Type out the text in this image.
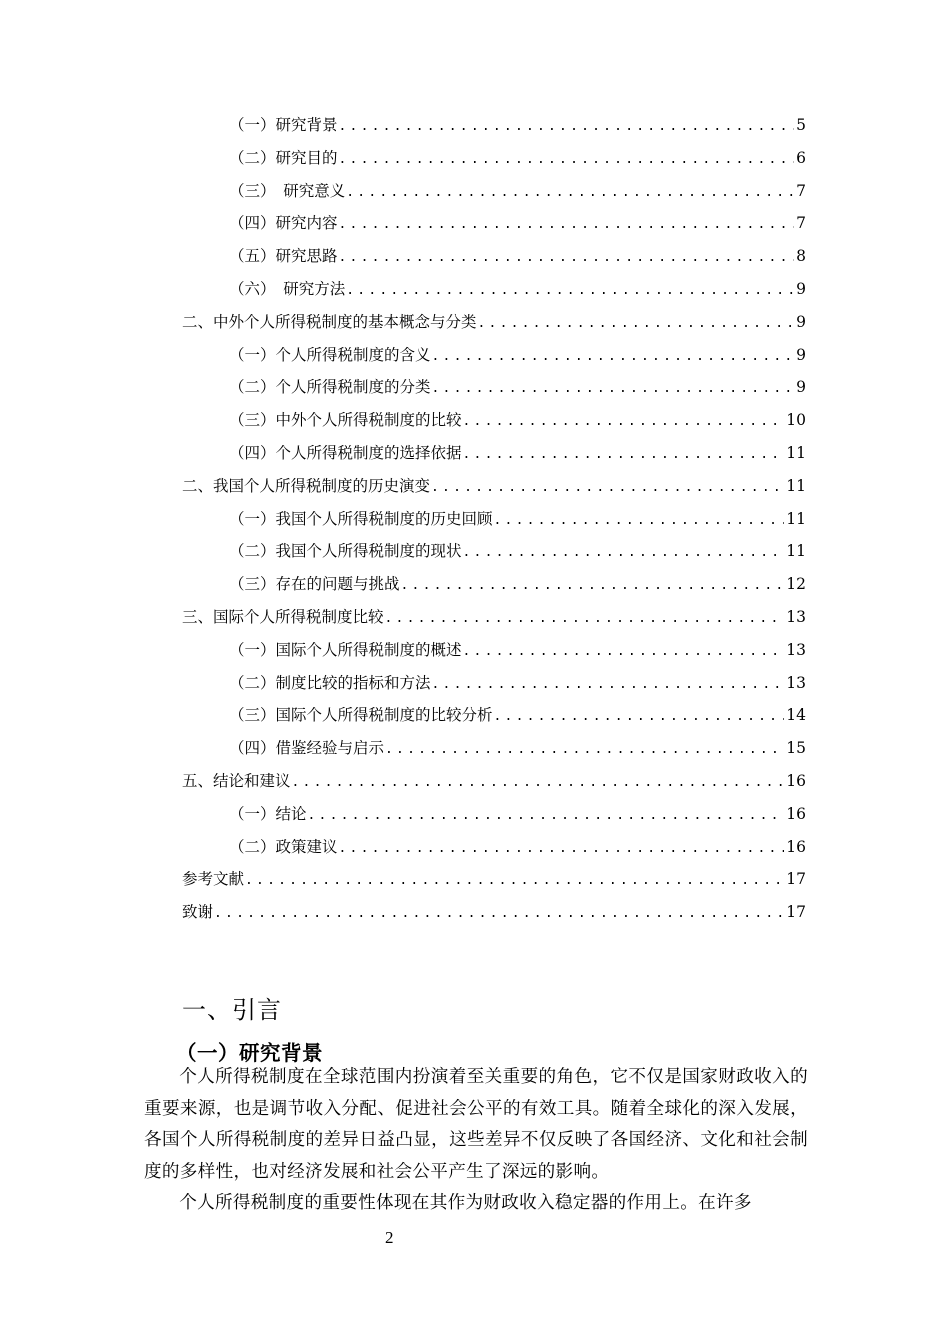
（一）研究背景 .....	5
（二）研究目的 .....	6
（三）　研究意义 .....	7
（四）研究内容 .....	7
（五）研究思路 .....	8
（六）　研究方法 .....	9
二、中外个人所得税制度的基本概念与分类 .....	9
（一）个人所得税制度的含义 .....	9
（二）个人所得税制度的分类 .....	9
（三）中外个人所得税制度的比较 .....	10
（四）个人所得税制度的选择依据 .....	11
二、我国个人所得税制度的历史演变 .....	11
（一）我国个人所得税制度的历史回顾 .....	11
（二）我国个人所得税制度的现状 .....	11
（三）存在的问题与挑战 .....	12
三、国际个人所得税制度比较 .....	13
（一）国际个人所得税制度的概述 .....	13
（二）制度比较的指标和方法 .....	13
（三）国际个人所得税制度的比较分析 .....	14
（四）借鉴经验与启示 .....	15
五、结论和建议 .....	16
（一）结论 .....	16
（二）政策建议 .....	16
参考文献 .....	17
致谢 .....	17
一、引言
（一）研究背景

个人所得税制度在全球范围内扮演着至关重要的角色，它不仅是国家财政收入的重要来源，也是调节收入分配、促进社会公平的有效工具。随着全球化的深入发展，各国个人所得税制度的差异日益凸显，这些差异不仅反映了各国经济、文化和社会制度的多样性，也对经济发展和社会公平产生了深远的影响。

个人所得税制度的重要性体现在其作为财政收入稳定器的作用上。在许多

2
